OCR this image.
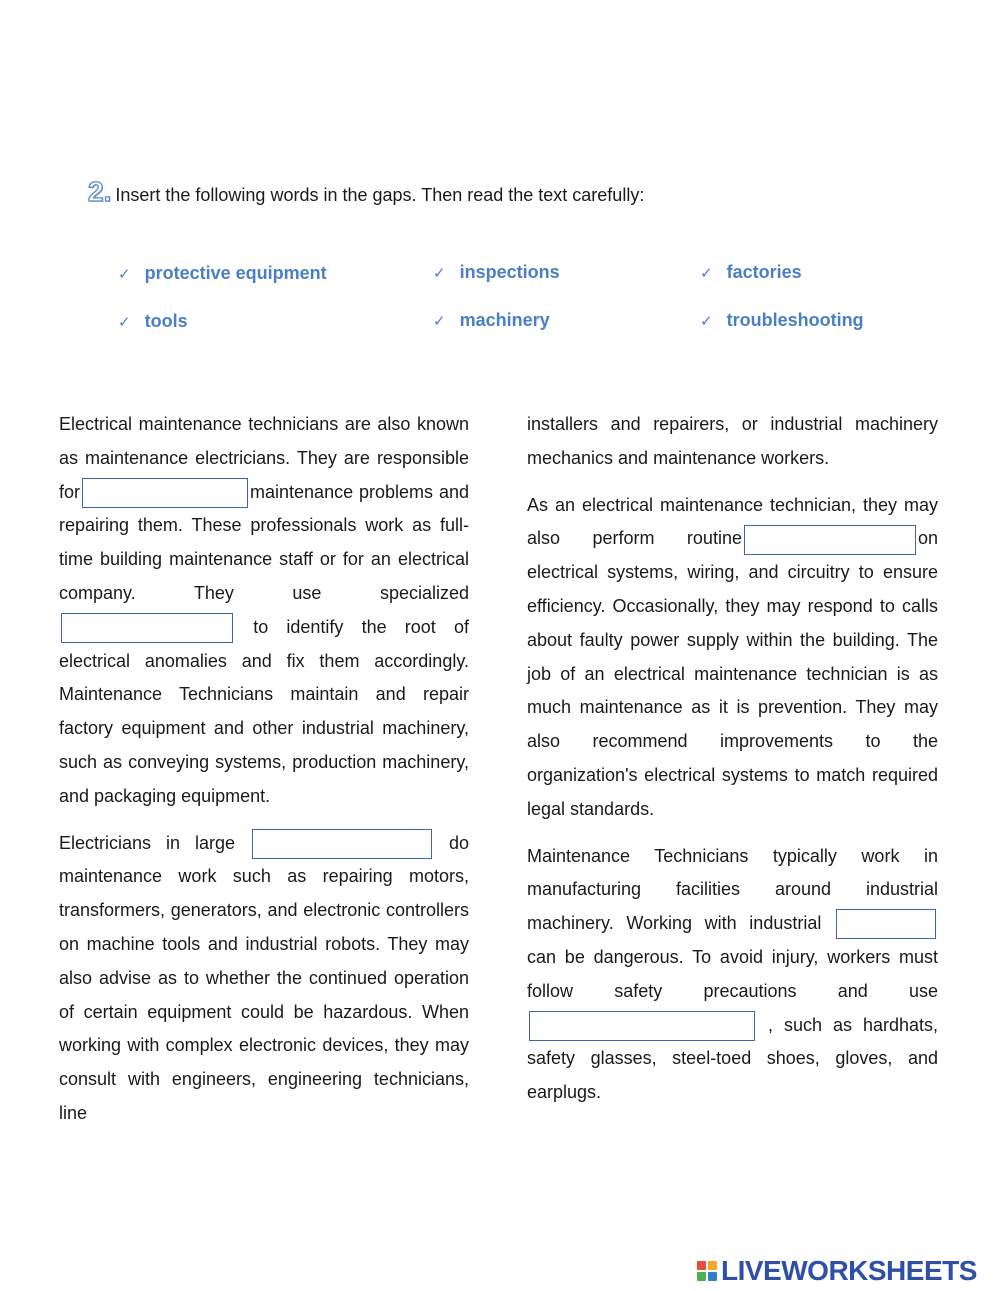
2. Insert the following words in the gaps. Then read the text carefully:
✓ protective equipment	✓ inspections	✓ factories
✓ tools	✓ machinery	✓ troubleshooting

Electrical maintenance technicians are also known as maintenance electricians. They are responsible for	maintenance problems and repairing them. These professionals work as full-time building maintenance staff or for an electrical company. They use specialized  to identify the root of electrical anomalies and fix them accordingly. Maintenance Technicians maintain and repair factory equipment and other industrial machinery, such as conveying systems, production machinery, and packaging equipment.

Electricians in large	do maintenance work such as repairing motors, transformers, generators, and electronic controllers on machine tools and industrial robots. They may also advise as to whether the continued operation of certain equipment could be hazardous. When working with complex electronic devices, they may consult with engineers, engineering technicians, line

installers and repairers, or industrial machinery mechanics and maintenance workers.

As an electrical maintenance technician, they may also perform routine	on electrical systems, wiring, and circuitry to ensure efficiency. Occasionally, they may respond to calls about faulty power supply within the building. The job of an electrical maintenance technician is as much maintenance as it is prevention. They may also recommend improvements to the organization's electrical systems to match required legal standards.

Maintenance Technicians typically work in manufacturing facilities around industrial machinery. Working with industrial  can be dangerous. To avoid injury, workers must follow safety precautions and use  , such as hardhats, safety glasses, steel-toed shoes, gloves, and earplugs.

LIVEWORKSHEETS
